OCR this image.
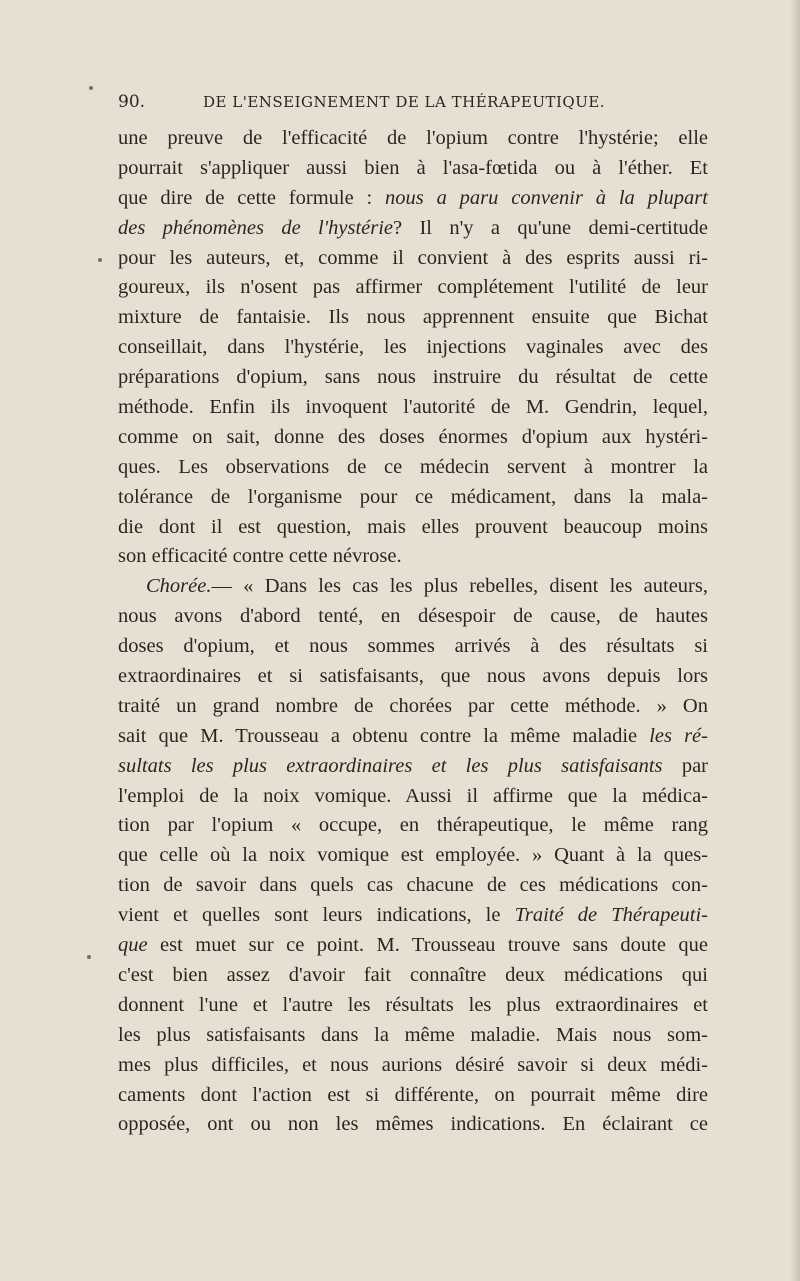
90.	DE L'ENSEIGNEMENT DE LA THÉRAPEUTIQUE.
une preuve de l'efficacité de l'opium contre l'hystérie; elle
pourrait s'appliquer aussi bien à l'asa-fœtida ou à l'éther. Et
que dire de cette formule : nous a paru convenir à la plupart
des phénomènes de l'hystérie? Il n'y a qu'une demi-certitude
pour les auteurs, et, comme il convient à des esprits aussi ri-
goureux, ils n'osent pas affirmer complétement l'utilité de leur
mixture de fantaisie. Ils nous apprennent ensuite que Bichat
conseillait, dans l'hystérie, les injections vaginales avec des
préparations d'opium, sans nous instruire du résultat de cette
méthode. Enfin ils invoquent l'autorité de M. Gendrin, lequel,
comme on sait, donne des doses énormes d'opium aux hystéri-
ques. Les observations de ce médecin servent à montrer la
tolérance de l'organisme pour ce médicament, dans la mala-
die dont il est question, mais elles prouvent beaucoup moins
son efficacité contre cette névrose.
Chorée.— « Dans les cas les plus rebelles, disent les auteurs,
nous avons d'abord tenté, en désespoir de cause, de hautes
doses d'opium, et nous sommes arrivés à des résultats si
extraordinaires et si satisfaisants, que nous avons depuis lors
traité un grand nombre de chorées par cette méthode. » On
sait que M. Trousseau a obtenu contre la même maladie les ré-
sultats les plus extraordinaires et les plus satisfaisants par
l'emploi de la noix vomique. Aussi il affirme que la médica-
tion par l'opium « occupe, en thérapeutique, le même rang
que celle où la noix vomique est employée. » Quant à la ques-
tion de savoir dans quels cas chacune de ces médications con-
vient et quelles sont leurs indications, le Traité de Thérapeuti-
que est muet sur ce point. M. Trousseau trouve sans doute que
c'est bien assez d'avoir fait connaître deux médications qui
donnent l'une et l'autre les résultats les plus extraordinaires et
les plus satisfaisants dans la même maladie. Mais nous som-
mes plus difficiles, et nous aurions désiré savoir si deux médi-
caments dont l'action est si différente, on pourrait même dire
opposée, ont ou non les mêmes indications. En éclairant ce
